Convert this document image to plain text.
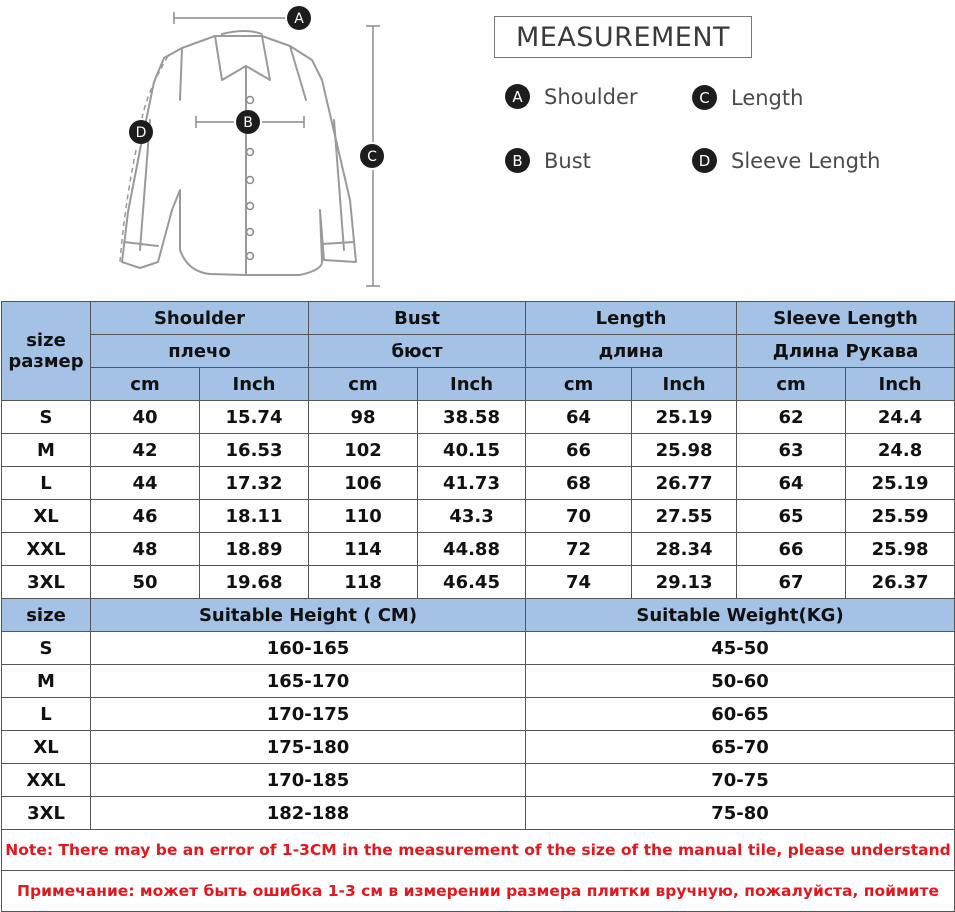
A
B
C
D
MEASUREMENT
A	Shoulder
B	Bust
C	Length
D Sleeve Length
size
размер	Shoulder		Bust		Length		Sleeve Length	
	плечо		бюст		длина		Длина Рукава	
	cm	Inch	cm	Inch	cm	Inch	cm	Inch
S	40	15.74	98	38.58	64	25.19	62	24.4
M	42	16.53	102	40.15	66	25.98	63	24.8
L	44	17.32	106	41.73	68	26.77	64	25.19
XL	46	18.11	110	43.3	70	27.55	65	25.59
XXL	48	18.89	114	44.88	72	28.34	66	25.98
3XL	50	19.68	118	46.45	74	29.13	67	26.37
size	Suitable Height ( CM)				Suitable Weight(KG)			
S	160-165				45-50			
M	165-170				50-60			
L	170-175				60-65			
XL	175-180				65-70			
XXL	170-185				70-75			
3XL	182-188				75-80			
Note: There may be an error of 1-3CM in the measurement of the size of the manual tile, please understand								
Примечание: может быть ошибка 1-3 см в измерении размера плитки вручную, пожалуйста, поймите								
